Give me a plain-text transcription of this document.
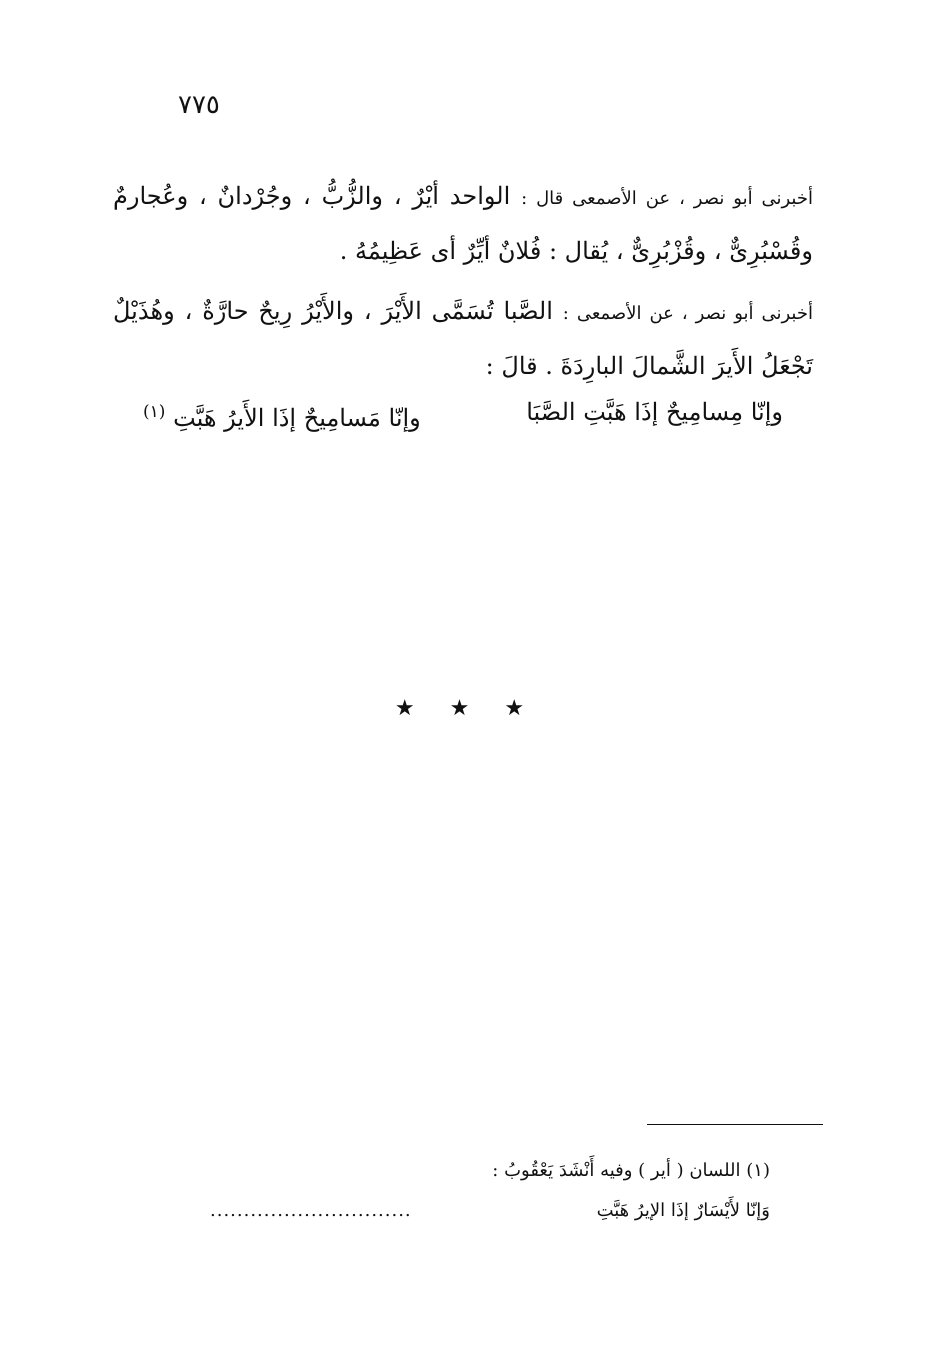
٧٧٥
أخبرنى أبو نصر ، عن الأصمعى قال : الواحد أيْرٌ ، والزُّبُّ ، وجُرْدانٌ ، وعُجارمٌ وقُسْبُرِىٌّ ، وقُزْبُرِىٌّ ، يُقال : فُلانٌ أيِّرٌ أى عَظِيمُهُ .
أخبرنى أبو نصر ، عن الأصمعى : الصَّبا تُسَمَّى الأَيْرَ ، والأَيْرُ رِيحٌ حارَّةٌ ، وهُذَيْلٌ تَجْعَلُ الأَيرَ الشَّمالَ البارِدَةَ . قالَ :
وإنّا مِسامِيحٌ إذَا هَبَّتِ الصَّبَا
وإنّا مَسامِيحٌ إذَا الأَيرُ هَبَّتِ $^{(١)}$
★ ★ ★
(١) اللسان ( أير ) وفيه أَنْشَدَ يَعْقُوبُ :
وَإنّا لأَيْسَارٌ إذَا الإيرُ هَبَّتِ
..............................
